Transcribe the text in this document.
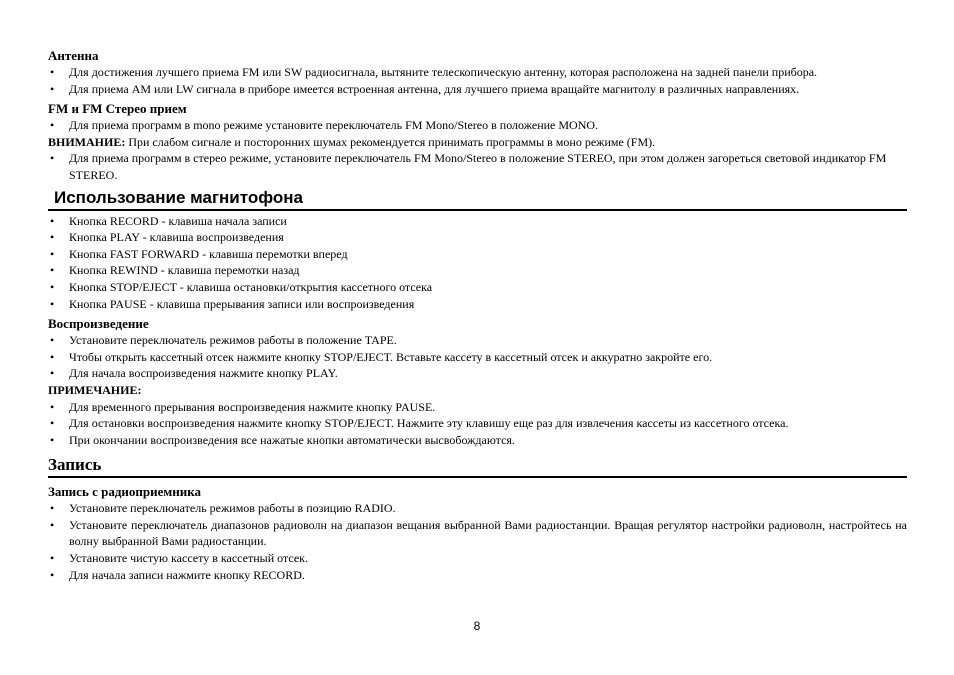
Антенна
• Для достижения лучшего приема FM или SW радиосигнала, вытяните телескопическую антенну, которая расположена на задней панели прибора.
• Для приема AM или LW сигнала в приборе имеется встроенная антенна, для лучшего приема вращайте магнитолу в различных направлениях.
FM и FM Стерео прием
• Для приема программ в mono режиме установите переключатель FM Mono/Stereo в положение MONO.
ВНИМАНИЕ: При слабом сигнале и посторонних шумах рекомендуется принимать программы в моно режиме (FM).
• Для приема программ в стерео режиме, установите переключатель FM Mono/Stereo в положение STEREO, при этом должен загореться световой индикатор FM STEREO.
Использование магнитофона
• Кнопка RECORD - клавиша начала записи
• Кнопка PLAY - клавиша воспроизведения
• Кнопка FAST FORWARD - клавиша перемотки вперед
• Кнопка REWIND - клавиша перемотки назад
• Кнопка STOP/EJECT - клавиша остановки/открытия кассетного отсека
• Кнопка PAUSE - клавиша прерывания записи или воспроизведения
Воспроизведение
• Установите переключатель режимов работы в положение TAPE.
• Чтобы открыть кассетный отсек нажмите кнопку STOP/EJECT. Вставьте кассету в кассетный отсек и аккуратно закройте его.
• Для начала воспроизведения нажмите кнопку PLAY.
ПРИМЕЧАНИЕ:
• Для временного прерывания воспроизведения нажмите кнопку PAUSE.
• Для остановки воспроизведения нажмите кнопку STOP/EJECT. Нажмите эту клавишу еще раз для извлечения кассеты из кассетного отсека.
• При окончании воспроизведения все нажатые кнопки автоматически высвобождаются.
Запись
Запись с радиоприемника
• Установите переключатель режимов работы в позицию RADIO.
• Установите переключатель диапазонов радиоволн на диапазон вещания выбранной Вами радиостанции. Вращая регулятор настройки радиоволн, настройтесь на волну выбранной Вами радиостанции.
• Установите чистую кассету в кассетный отсек.
• Для начала записи нажмите кнопку RECORD.
8
